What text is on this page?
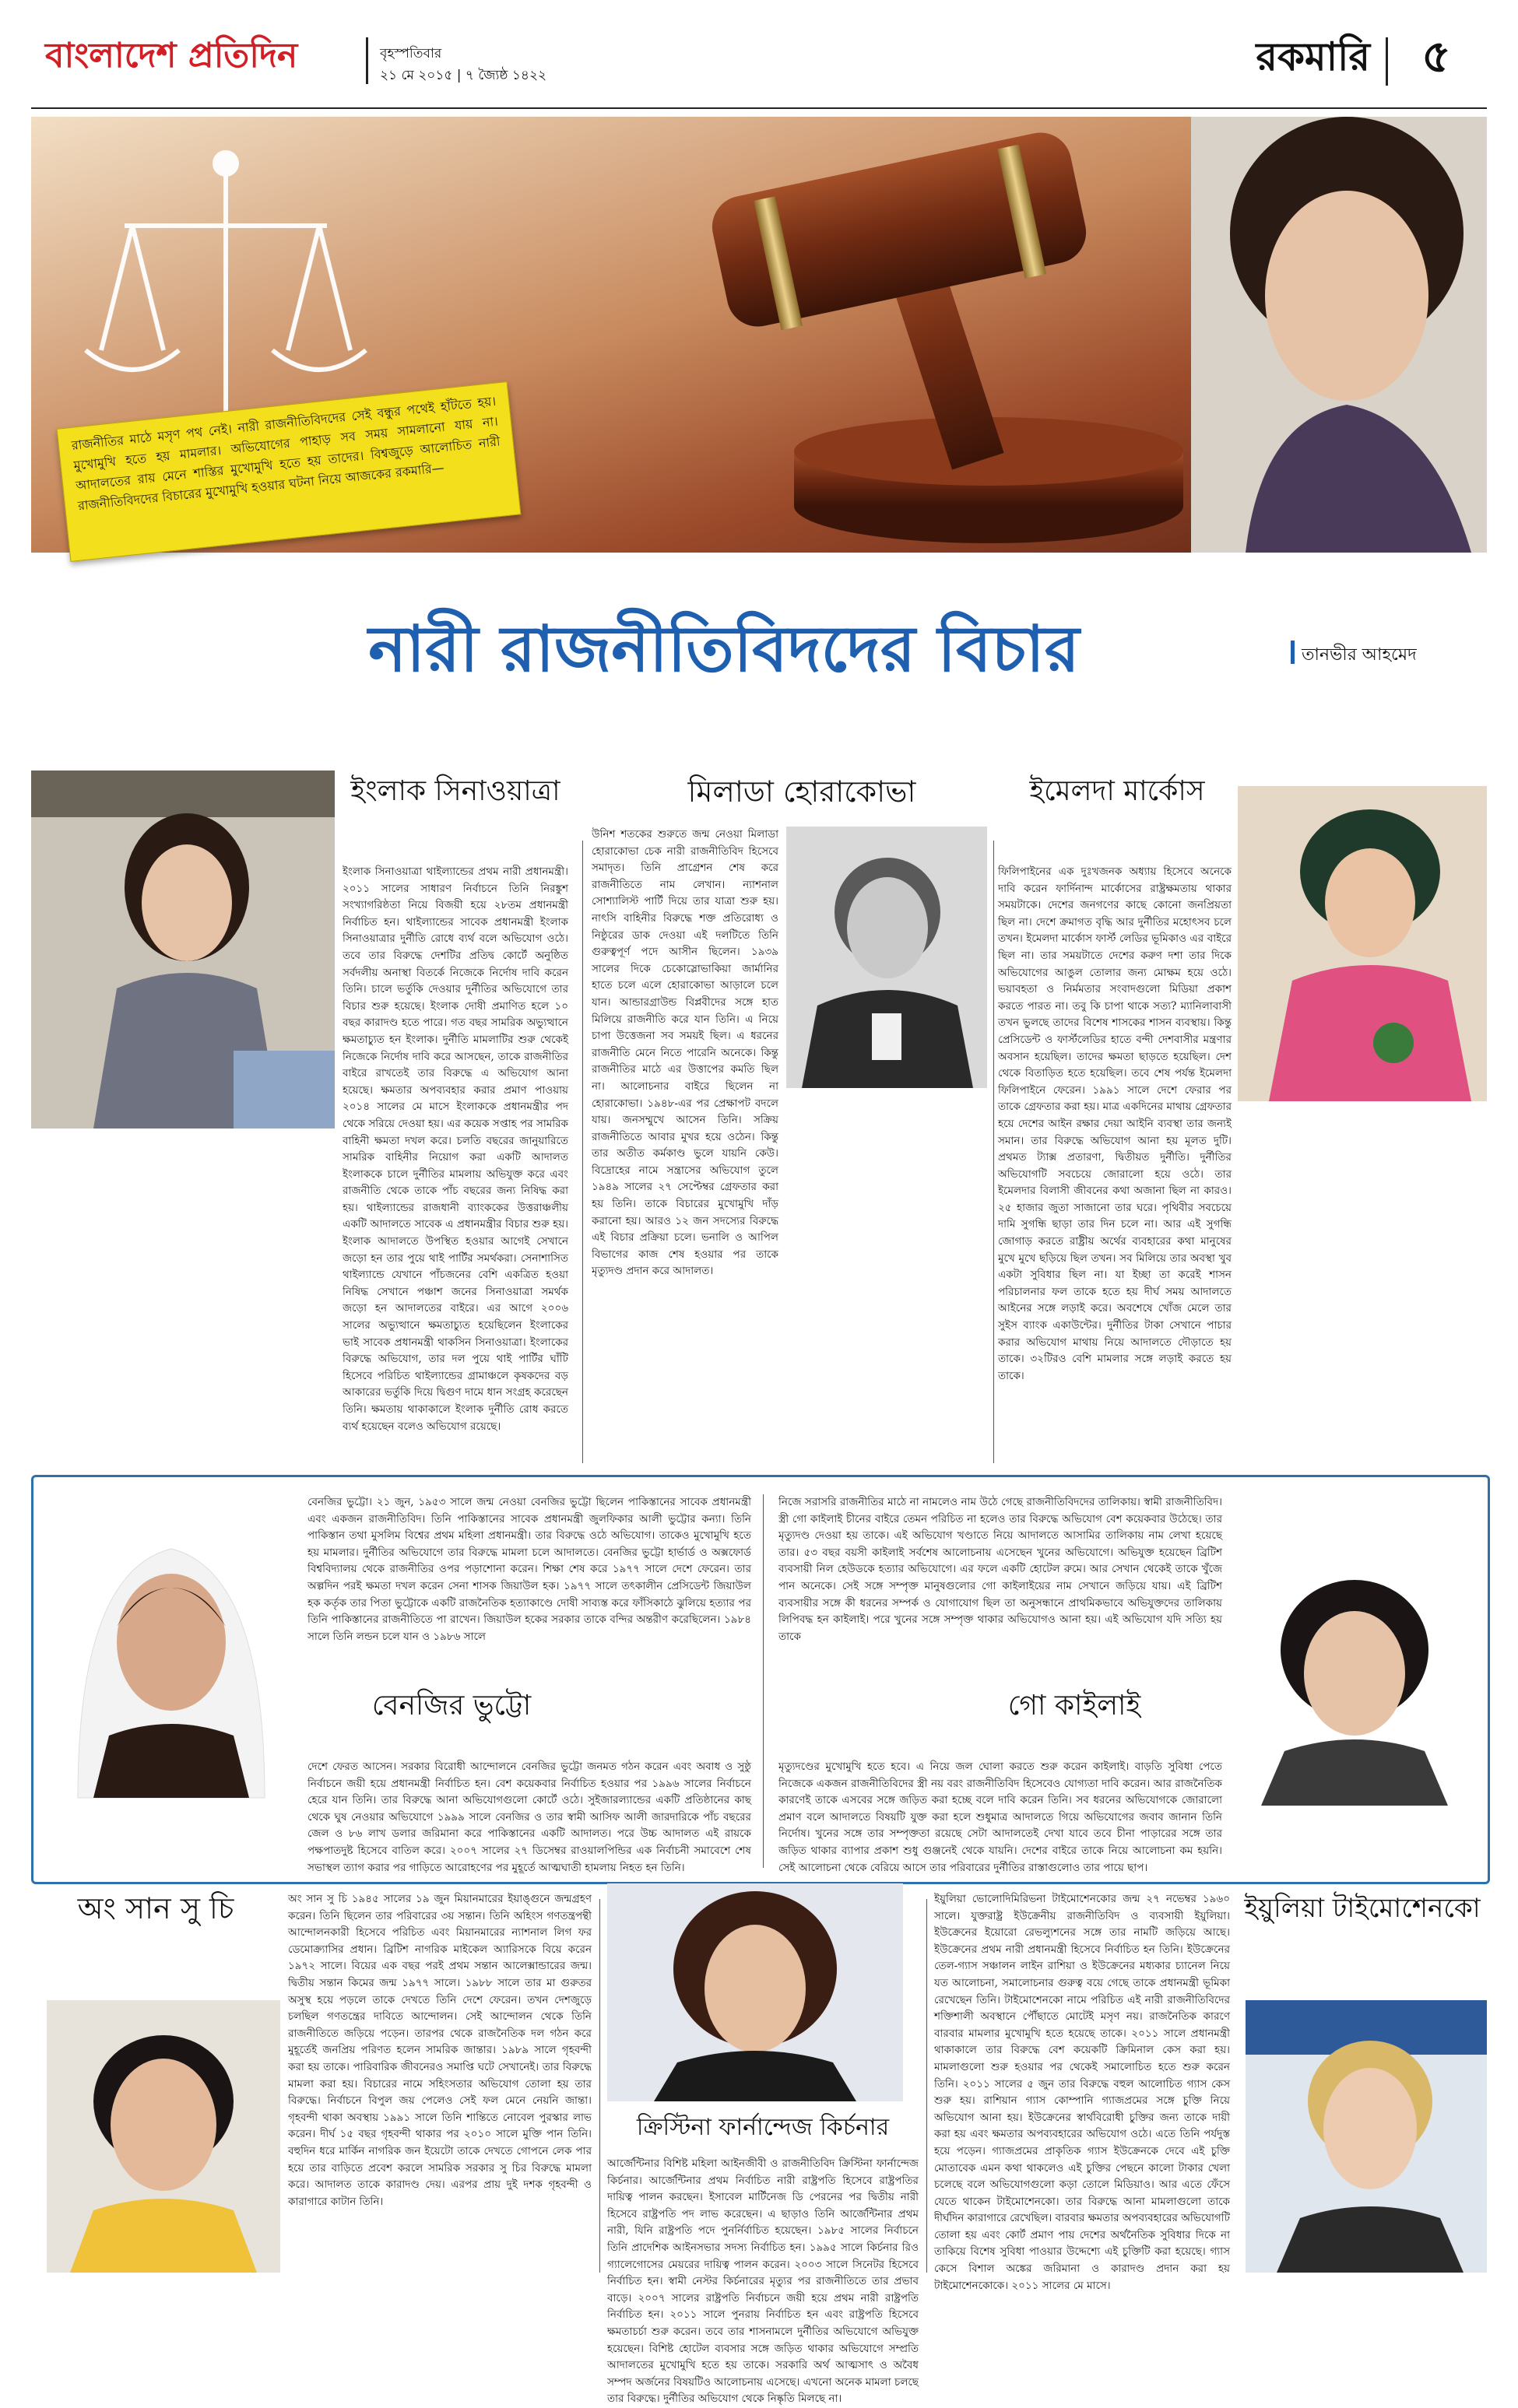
বাংলাদেশ প্রতিদিন	বৃহস্পতিবার
২১ মে ২০১৫ | ৭ জ্যৈষ্ঠ ১৪২২	রকমারি	৫

রাজনীতির মাঠে মসৃণ পথ নেই। নারী রাজনীতিবিদদের সেই বন্ধুর পথেই হাঁটতে হয়। মুখোমুখি হতে হয় মামলার। অভিযোগের পাহাড় সব সময় সামলানো যায় না। আদালতের রায় মেনে শাস্তির মুখোমুখি হতে হয় তাদের। বিশ্বজুড়ে আলোচিত নারী রাজনীতিবিদদের বিচারের মুখোমুখি হওয়ার ঘটনা নিয়ে আজকের রকমারি—

নারী রাজনীতিবিদদের বিচার	তানভীর আহমেদ
ইংলাক সিনাওয়াত্রা

ইংলাক সিনাওয়াত্রা থাইল্যান্ডের প্রথম নারী প্রধানমন্ত্রী। ২০১১ সালের সাধারণ নির্বাচনে তিনি নিরঙ্কুশ সংখ্যাগরিষ্ঠতা নিয়ে বিজয়ী হয়ে ২৮তম প্রধানমন্ত্রী নির্বাচিত হন। থাইল্যান্ডের সাবেক প্রধানমন্ত্রী ইংলাক সিনাওয়াত্রার দুর্নীতি রোধে ব্যর্থ বলে অভিযোগ ওঠে। তবে তার বিরুদ্ধে দেশটির প্রতিদ্ব কোর্টে অনুষ্ঠিত সর্বদলীয় অনাস্থা বিতর্কে নিজেকে নির্দোষ দাবি করেন তিনি। চালে ভর্তুকি দেওয়ার দুর্নীতির অভিযোগে তার বিচার শুরু হয়েছে। ইংলাক দোষী প্রমাণিত হলে ১০ বছর কারাদণ্ড হতে পারে। গত বছর সামরিক অভ্যুত্থানে ক্ষমতাচ্যুত হন ইংলাক। দুর্নীতি মামলাটির শুরু থেকেই নিজেকে নির্দোষ দাবি করে আসছেন, তাকে রাজনীতির বাইরে রাখতেই তার বিরুদ্ধে এ অভিযোগ আনা হয়েছে। ক্ষমতার অপব্যবহার করার প্রমাণ পাওয়ায় ২০১৪ সালের মে মাসে ইংলাককে প্রধানমন্ত্রীর পদ থেকে সরিয়ে দেওয়া হয়। এর কয়েক সপ্তাহ পর সামরিক বাহিনী ক্ষমতা দখল করে। চলতি বছরের জানুয়ারিতে সামরিক বাহিনীর নিয়োগ করা একটি আদালত ইংলাককে চালে দুর্নীতির মামলায় অভিযুক্ত করে এবং রাজনীতি থেকে তাকে পাঁচ বছরের জন্য নিষিদ্ধ করা হয়। থাইল্যান্ডের রাজধানী ব্যাংককের উত্তরাঞ্চলীয় একটি আদালতে সাবেক এ প্রধানমন্ত্রীর বিচার শুরু হয়। ইংলাক আদালতে উপস্থিত হওয়ার আগেই সেখানে জড়ো হন তার পুয়ে থাই পার্টির সমর্থকরা। সেনাশাসিত থাইল্যান্ডে যেখানে পাঁচজনের বেশি একত্রিত হওয়া নিষিদ্ধ সেখানে পঞ্চাশ জনের সিনাওয়াত্রা সমর্থক জড়ো হন আদালতের বাইরে। এর আগে ২০০৬ সালের অভ্যুত্থানে ক্ষমতাচ্যুত হয়েছিলেন ইংলাকের ভাই সাবেক প্রধানমন্ত্রী থাকসিন সিনাওয়াত্রা। ইংলাকের বিরুদ্ধে অভিযোগ, তার দল পুয়ে থাই পার্টির ঘাঁটি হিসেবে পরিচিত থাইল্যান্ডের গ্রামাঞ্চলে কৃষকদের বড় আকারের ভর্তুকি দিয়ে দ্বিগুণ দামে ধান সংগ্রহ করেছেন তিনি। ক্ষমতায় থাকাকালে ইংলাক দুর্নীতি রোধ করতে ব্যর্থ হয়েছেন বলেও অভিযোগ রয়েছে।

মিলাডা হোরাকোভা

উনিশ শতকের শুরুতে জন্ম নেওয়া মিলাডা হোরাকোভা চেক নারী রাজনীতিবিদ হিসেবে সমাদৃত। তিনি প্রাগ্রেশন শেষ করে রাজনীতিতে নাম লেখান। ন্যাশনাল সোশ্যালিস্ট পার্টি দিয়ে তার যাত্রা শুরু হয়। নাৎসি বাহিনীর বিরুদ্ধে শক্ত প্রতিরোধ্য ও নিষ্ঠুরের ডাক দেওয়া এই দলটিতে তিনি গুরুত্বপূর্ণ পদে আসীন ছিলেন। ১৯৩৯ সালের দিকে চেকোস্লোভাকিয়া জার্মানির হাতে চলে এলে হোরাকোভা আড়ালে চলে যান। আন্ডারগ্রাউন্ড বিপ্লবীদের সঙ্গে হাত মিলিয়ে রাজনীতি করে যান তিনি। এ নিয়ে চাপা উত্তেজনা সব সময়ই ছিল। এ ধরনের রাজনীতি মেনে নিতে পারেনি অনেকে। কিন্তু রাজনীতির মাঠে এর উত্তাপের কমতি ছিল না। আলোচনার বাইরে ছিলেন না হোরাকোভা। ১৯৪৮-এর পর প্রেক্ষাপট বদলে যায়। জনসম্মুখে আসেন তিনি। সক্রিয় রাজনীতিতে আবার মুখর হয়ে ওঠেন। কিন্তু তার অতীত কর্মকাণ্ড ভুলে যায়নি কেউ। বিদ্রোহের নামে সন্ত্রাসের অভিযোগ তুলে ১৯৪৯ সালের ২৭ সেপ্টেম্বর গ্রেফতার করা হয় তিনি। তাকে বিচারের মুখোমুখি দাঁড় করানো হয়। আরও ১২ জন সদস্যের বিরুদ্ধে এই বিচার প্রক্রিয়া চলে। ভনালি ও আপিল বিভাগের কাজ শেষ হওয়ার পর তাকে মৃত্যুদণ্ড প্রদান করে আদালত।

ইমেলদা মার্কোস

ফিলিপাইনের এক দুঃখজনক অধ্যায় হিসেবে অনেকে দাবি করেন ফার্দিনান্দ মার্কোসের রাষ্ট্রক্ষমতায় থাকার সময়টাকে। দেশের জনগণের কাছে কোনো জনপ্রিয়তা ছিল না। দেশে ক্রমাগত বৃদ্ধি আর দুর্নীতির মহোৎসব চলে তখন। ইমেলদা মার্কোস ফার্স্ট লেডির ভূমিকাও এর বাইরে ছিল না। তার সময়টাতে দেশের করুণ দশা তার দিকে অভিযোগের আঙুল তোলার জন্য মোক্ষম হয়ে ওঠে। ভয়াবহতা ও নির্মমতার সংবাদগুলো মিডিয়া প্রকাশ করতে পারত না। তবু কি চাপা থাকে সত্য? ম্যানিলাবাসী তখন ভুলছে তাদের বিশেষ শাসকের শাসন ব্যবস্থায়। কিন্তু প্রেসিডেন্ট ও ফার্স্টলেডির হাতে বন্দী দেশবাসীর মন্ত্রণার অবসান হয়েছিল। তাদের ক্ষমতা ছাড়তে হয়েছিল। দেশ থেকে বিতাড়িত হতে হয়েছিল। তবে শেষ পর্যন্ত ইমেলদা ফিলিপাইনে ফেরেন। ১৯৯১ সালে দেশে ফেরার পর তাকে গ্রেফতার করা হয়। মাত্র একদিনের মাথায় গ্রেফতার হয়ে দেশের আইন রক্ষার দেয়া আইনি ব্যবস্থা তার জন্যই সমান। তার বিরুদ্ধে অভিযোগ আনা হয় মূলত দুটি। প্রথমত ট্যাক্স প্রতারণা, দ্বিতীয়ত দুর্নীতি। দুর্নীতির অভিযোগটি সবচেয়ে জোরালো হয়ে ওঠে। তার ইমেলদার বিলাসী জীবনের কথা অজানা ছিল না কারও। ২৫ হাজার জুতা সাজানো তার ঘরে। পৃথিবীর সবচেয়ে দামি সুগন্ধি ছাড়া তার দিন চলে না। আর এই সুগন্ধি জোগাড় করতে রাষ্ট্রীয় অর্থের ব্যবহারের কথা মানুষের মুখে মুখে ছড়িয়ে ছিল তখন। সব মিলিয়ে তার অবস্থা খুব একটা সুবিধার ছিল না। যা ইচ্ছা তা করেই শাসন পরিচালনার ফল তাকে হতে হয় দীর্ঘ সময় আদালতে আইনের সঙ্গে লড়াই করে। অবশেষে খোঁজ মেলে তার সুইস ব্যাংক একাউন্টের। দুর্নীতির টাকা সেখানে পাচার করার অভিযোগ মাথায় নিয়ে আদালতে দৌড়াতে হয় তাকে। ৩২টিরও বেশি মামলার সঙ্গে লড়াই করতে হয় তাকে।

বেনজির ভুট্টো। ২১ জুন, ১৯৫৩ সালে জন্ম নেওয়া বেনজির ভুট্টো ছিলেন পাকিস্তানের সাবেক প্রধানমন্ত্রী এবং একজন রাজনীতিবিদ। তিনি পাকিস্তানের সাবেক প্রধানমন্ত্রী জুলফিকার আলী ভুট্টোর কন্যা। তিনি পাকিস্তান তথা মুসলিম বিশ্বের প্রথম মহিলা প্রধানমন্ত্রী। তার বিরুদ্ধে ওঠে অভিযোগ। তাকেও মুখোমুখি হতে হয় মামলার। দুর্নীতির অভিযোগে তার বিরুদ্ধে মামলা চলে আদালতে। বেনজির ভুট্টো হার্ভার্ড ও অক্সফোর্ড বিশ্ববিদ্যালয় থেকে রাজনীতির ওপর পড়াশোনা করেন। শিক্ষা শেষ করে ১৯৭৭ সালে দেশে ফেরেন। তার অল্পদিন পরই ক্ষমতা দখল করেন সেনা শাসক জিয়াউল হক। ১৯৭৭ সালে তৎকালীন প্রেসিডেন্ট জিয়াউল হক কর্তৃক তার পিতা ভুট্টোকে একটি রাজনৈতিক হত্যাকাণ্ডে দোষী সাব্যস্ত করে ফাঁসিকাঠে ঝুলিয়ে হত্যার পর তিনি পাকিস্তানের রাজনীতিতে পা রাখেন। জিয়াউল হকের সরকার তাকে বন্দির অন্তরীণ করেছিলেন। ১৯৮৪ সালে তিনি লন্ডন চলে যান ও ১৯৮৬ সালে

বেনজির ভুট্টো

দেশে ফেরত আসেন। সরকার বিরোধী আন্দোলনে বেনজির ভুট্টো জনমত গঠন করেন এবং অবাধ ও সুষ্ঠু নির্বাচনে জয়ী হয়ে প্রধানমন্ত্রী নির্বাচিত হন। বেশ কয়েকবার নির্বাচিত হওয়ার পর ১৯৯৬ সালের নির্বাচনে হেরে যান তিনি। তার বিরুদ্ধে আনা অভিযোগগুলো কোর্টে ওঠে। সুইজারল্যান্ডের একটি প্রতিষ্ঠানের কাছ থেকে ঘুষ নেওয়ার অভিযোগে ১৯৯৯ সালে বেনজির ও তার স্বামী আসিফ আলী জারদারিকে পাঁচ বছরের জেল ও ৮৬ লাখ ডলার জরিমানা করে পাকিস্তানের একটি আদালত। পরে উচ্চ আদালত এই রায়কে পক্ষপাতদুষ্ট হিসেবে বাতিল করে। ২০০৭ সালের ২৭ ডিসেম্বর রাওয়ালপিন্ডির এক নির্বাচনী সমাবেশে শেষ সভাস্থল ত্যাগ করার পর গাড়িতে আরোহণের পর মুহূর্তে আত্মঘাতী হামলায় নিহত হন তিনি।

নিজে সরাসরি রাজনীতির মাঠে না নামলেও নাম উঠে গেছে রাজনীতিবিদদের তালিকায়। স্বামী রাজনীতিবিদ। স্ত্রী গো কাইলাই চীনের বাইরে তেমন পরিচিত না হলেও তার বিরুদ্ধে অভিযোগ বেশ কয়েকবার উঠেছে। তার মৃত্যুদণ্ড দেওয়া হয় তাকে। এই অভিযোগ খণ্ডাতে নিয়ে আদালতে আসামির তালিকায় নাম লেখা হয়েছে তার। ৫৩ বছর বয়সী কাইলাই সর্বশেষ আলোচনায় এসেছেন খুনের অভিযোগে। অভিযুক্ত হয়েছেন ব্রিটিশ ব্যবসায়ী নিল হেউডকে হত্যার অভিযোগে। এর ফলে একটি হোটেল রুমে। আর সেখান থেকেই তাকে খুঁজে পান অনেকে। সেই সঙ্গে সম্পৃক্ত মানুষগুলোর গো কাইলাইয়ের নাম সেখানে জড়িয়ে যায়। এই ব্রিটিশ ব্যবসায়ীর সঙ্গে কী ধরনের সম্পর্ক ও যোগাযোগ ছিল তা অনুসন্ধানে প্রাথমিকভাবে অভিযুক্তদের তালিকায় লিপিবদ্ধ হন কাইলাই। পরে খুনের সঙ্গে সম্পৃক্ত থাকার অভিযোগও আনা হয়। এই অভিযোগ যদি সত্যি হয় তাকে

গো কাইলাই

মৃত্যুদণ্ডের মুখোমুখি হতে হবে। এ নিয়ে জল ঘোলা করতে শুরু করেন কাইলাই। বাড়তি সুবিধা পেতে নিজেকে একজন রাজনীতিবিদের স্ত্রী নয় বরং রাজনীতিবিদ হিসেবেও যোগ্যতা দাবি করেন। আর রাজনৈতিক কারণেই তাকে এসবের সঙ্গে জড়িত করা হচ্ছে বলে দাবি করেন তিনি। সব ধরনের অভিযোগকে জোরালো প্রমাণ বলে আদালতে বিষয়টি যুক্ত করা হলে শুধুমাত্র আদালতে গিয়ে অভিযোগের জবাব জানান তিনি নির্দোষ। খুনের সঙ্গে তার সম্পৃক্ততা রয়েছে সেটা আদালতেই দেখা যাবে তবে চীনা পাড়ারের সঙ্গে তার জড়িত থাকার ব্যাপার প্রকাশ শুধু গুঞ্জনেই থেকে যায়নি। দেশের বাইরে তাকে নিয়ে আলোচনা কম হয়নি। সেই আলোচনা থেকে বেরিয়ে আসে তার পরিবারের দুর্নীতির রাস্তাগুলোও তার পায়ে ছাপ।

অং সান সু চি	অং সান সু চি ১৯৪৫ সালের ১৯ জুন মিয়ানমারের ইয়াঙ্গুনে জন্মগ্রহণ করেন। তিনি ছিলেন তার পরিবারের ৩য় সন্তান। তিনি অহিংস গণতন্ত্রপন্থী আন্দোলনকারী হিসেবে পরিচিত এবং মিয়ানমারের ন্যাশনাল লিগ ফর ডেমোক্র্যাসির প্রধান। ব্রিটিশ নাগরিক মাইকেল অ্যারিসকে বিয়ে করেন ১৯৭২ সালে। বিয়ের এক বছর পরই প্রথম সন্তান আলেক্সান্ডারের জন্ম। দ্বিতীয় সন্তান কিমের জন্ম ১৯৭৭ সালে। ১৯৮৮ সালে তার মা গুরুতর অসুস্থ হয়ে পড়লে তাকে দেখতে তিনি দেশে ফেরেন। তখন দেশজুড়ে চলছিল গণতন্ত্রের দাবিতে আন্দোলন। সেই আন্দোলন থেকে তিনি রাজনীতিতে জড়িয়ে পড়েন। তারপর থেকে রাজনৈতিক দল গঠন করে মুহূর্তেই জনপ্রিয় পরিণত হলেন সামরিক জান্তার। ১৯৮৯ সালে গৃহবন্দী করা হয় তাকে। পারিবারিক জীবনেরও সমাপ্তি ঘটে সেখানেই। তার বিরুদ্ধে মামলা করা হয়। বিচারের নামে সহিংসতার অভিযোগ তোলা হয় তার বিরুদ্ধে। নির্বাচনে বিপুল জয় পেলেও সেই ফল মেনে নেয়নি জান্তা। গৃহবন্দী থাকা অবস্থায় ১৯৯১ সালে তিনি শান্তিতে নোবেল পুরস্কার লাভ করেন। দীর্ঘ ১৫ বছর গৃহবন্দী থাকার পর ২০১০ সালে মুক্তি পান তিনি। বহুদিন ধরে মার্কিন নাগরিক জন ইয়েটো তাকে দেখতে গোপনে লেক পার হয়ে তার বাড়িতে প্রবেশ করলে সামরিক সরকার সু চির বিরুদ্ধে মামলা করে। আদালত তাকে কারাদণ্ড দেয়। এরপর প্রায় দুই দশক গৃহবন্দী ও কারাগারে কাটান তিনি।

ক্রিস্টিনা ফার্নান্দেজ কির্চনার

আর্জেন্টিনার বিশিষ্ট মহিলা আইনজীবী ও রাজনীতিবিদ ক্রিস্টিনা ফার্নান্দেজ কির্চনার। আর্জেন্টিনার প্রথম নির্বাচিত নারী রাষ্ট্রপতি হিসেবে রাষ্ট্রপতির দায়িত্ব পালন করছেন। ইসাবেল মার্টিনেজ ডি পেরনের পর দ্বিতীয় নারী হিসেবে রাষ্ট্রপতি পদ লাভ করেছেন। এ ছাড়াও তিনি আর্জেন্টিনার প্রথম নারী, যিনি রাষ্ট্রপতি পদে পুনর্নির্বাচিত হয়েছেন। ১৯৮৫ সালের নির্বাচনে তিনি প্রাদেশিক আইনসভার সদস্য নির্বাচিত হন। ১৯৯৫ সালে কির্চনার রিও গ্যালেগোসের মেয়রের দায়িত্ব পালন করেন। ২০০৩ সালে সিনেটর হিসেবে নির্বাচিত হন। স্বামী নেস্টর কির্চনারের মৃত্যুর পর রাজনীতিতে তার প্রভাব বাড়ে। ২০০৭ সালের রাষ্ট্রপতি নির্বাচনে জয়ী হয়ে প্রথম নারী রাষ্ট্রপতি নির্বাচিত হন। ২০১১ সালে পুনরায় নির্বাচিত হন এবং রাষ্ট্রপতি হিসেবে ক্ষমতাচর্চা শুরু করেন। তবে তার শাসনামলে দুর্নীতির অভিযোগে অভিযুক্ত হয়েছেন। বিশিষ্ট হোটেল ব্যবসার সঙ্গে জড়িত থাকার অভিযোগে সম্প্রতি আদালতের মুখোমুখি হতে হয় তাকে। সরকারি অর্থ আত্মসাৎ ও অবৈধ সম্পদ অর্জনের বিষয়টিও আলোচনায় এসেছে। এখনো অনেক মামলা চলছে তার বিরুদ্ধে। দুর্নীতির অভিযোগ থেকে নিষ্কৃতি মিলছে না।

ইয়ুলিয়া ভোলোদিমিরিভনা টাইমোশেনকোর জন্ম ২৭ নভেম্বর ১৯৬০ সালে। যুক্তরাষ্ট্র ইউক্রেনীয় রাজনীতিবিদ ও ব্যবসায়ী ইয়ুলিয়া। ইউক্রেনের ইয়োরো রেভল্যুশনের সঙ্গে তার নামটি জড়িয়ে আছে। ইউক্রেনের প্রথম নারী প্রধানমন্ত্রী হিসেবে নির্বাচিত হন তিনি। ইউক্রেনের তেল-গ্যাস সঞ্চালন লাইন রাশিয়া ও ইউক্রেনের মধ্যকার চ্যানেল নিয়ে যত আলোচনা, সমালোচনার গুরুত্ব বয়ে গেছে তাকে প্রধানমন্ত্রী ভূমিকা রেখেছেন তিনি। টাইমোশেনকো নামে পরিচিত এই নারী রাজনীতিবিদের শক্তিশালী অবস্থানে পৌঁছাতে মোটেই মসৃণ নয়। রাজনৈতিক কারণে বারবার মামলার মুখোমুখি হতে হয়েছে তাকে। ২০১১ সালে প্রধানমন্ত্রী থাকাকালে তার বিরুদ্ধে বেশ কয়েকটি ক্রিমিনাল কেস করা হয়। মামলাগুলো শুরু হওয়ার পর থেকেই সমালোচিত হতে শুরু করেন তিনি। ২০১১ সালের ৫ জুন তার বিরুদ্ধে বহুল আলোচিত গ্যাস কেস শুরু হয়। রাশিয়ান গ্যাস কোম্পানি গ্যাজপ্রমের সঙ্গে চুক্তি নিয়ে অভিযোগ আনা হয়। ইউক্রেনের স্বার্থবিরোধী চুক্তির জন্য তাকে দায়ী করা হয় এবং ক্ষমতার অপব্যবহারের অভিযোগ ওঠে। এতে তিনি পর্যদুস্ত হয়ে পড়েন। গ্যাজপ্রমের প্রাকৃতিক গ্যাস ইউক্রেনকে দেবে এই চুক্তি মোতাবেক এমন কথা থাকলেও এই চুক্তির পেছনে কালো টাকার খেলা চলেছে বলে অভিযোগগুলো কড়া তোলে মিডিয়াও। আর এতে ফেঁসে যেতে থাকেন টাইমোশেনকো। তার বিরুদ্ধে আনা মামলাগুলো তাকে দীর্ঘদিন কারাগারে রেখেছিল। বারবার ক্ষমতার অপব্যবহারের অভিযোগটি তোলা হয় এবং কোর্ট প্রমাণ পায় দেশের অর্থনৈতিক সুবিধার দিকে না তাকিয়ে বিশেষ সুবিধা পাওয়ার উদ্দেশ্যে এই চুক্তিটি করা হয়েছে। গ্যাস কেসে বিশাল অঙ্কের জরিমানা ও কারাদণ্ড প্রদান করা হয় টাইমোশেনকোকে। ২০১১ সালের মে মাসে।

ইয়ুলিয়া টাইমোশেনকো
